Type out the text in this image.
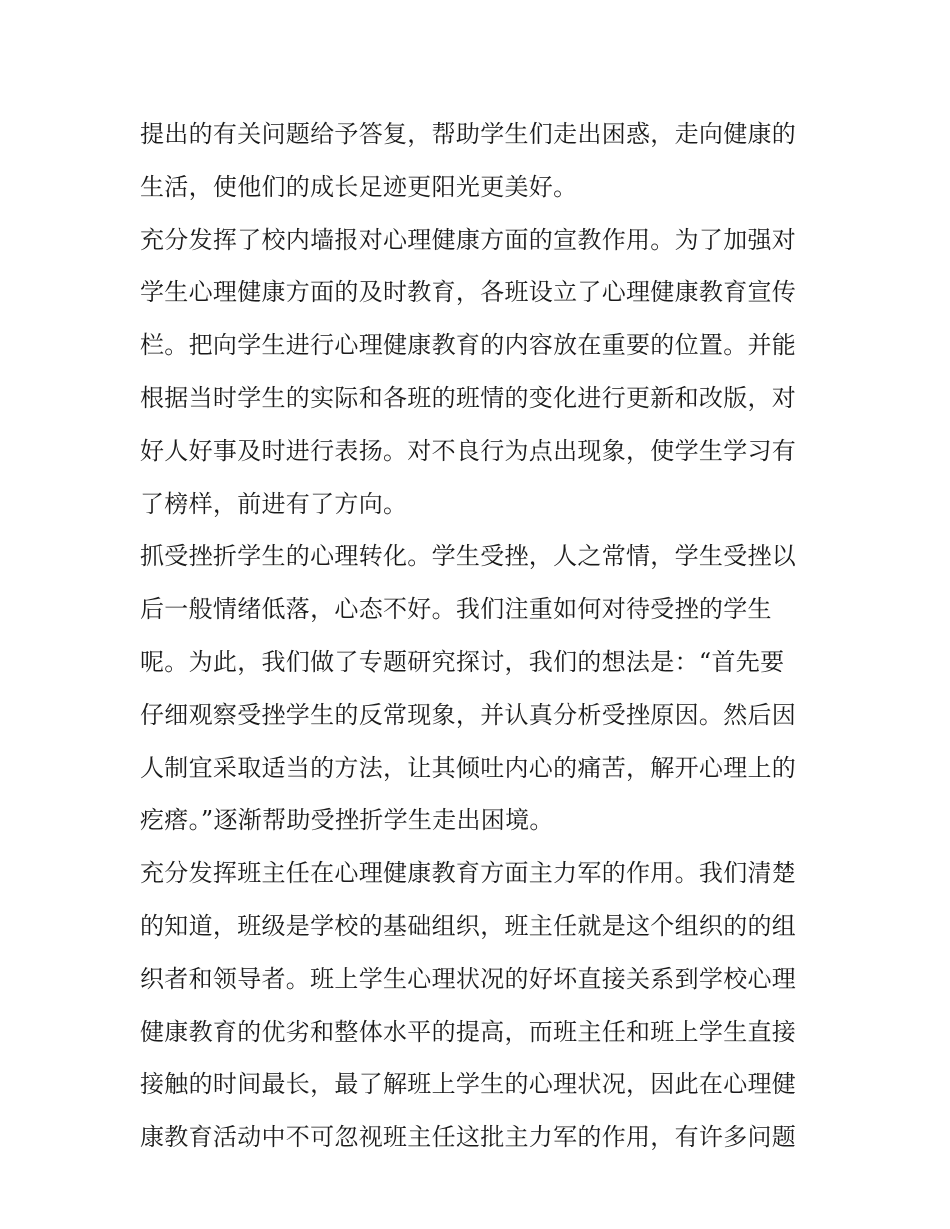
提出的有关问题给予答复，帮助学生们走出困惑，走向健康的
生活，使他们的成长足迹更阳光更美好。
充分发挥了校内墙报对心理健康方面的宣教作用。为了加强对
学生心理健康方面的及时教育，各班设立了心理健康教育宣传
栏。把向学生进行心理健康教育的内容放在重要的位置。并能
根据当时学生的实际和各班的班情的变化进行更新和改版，对
好人好事及时进行表扬。对不良行为点出现象，使学生学习有
了榜样，前进有了方向。
抓受挫折学生的心理转化。学生受挫，人之常情，学生受挫以
后一般情绪低落，心态不好。我们注重如何对待受挫的学生
呢。为此，我们做了专题研究探讨，我们的想法是：“首先要
仔细观察受挫学生的反常现象，并认真分析受挫原因。然后因
人制宜采取适当的方法，让其倾吐内心的痛苦，解开心理上的
疙瘩。”逐渐帮助受挫折学生走出困境。
充分发挥班主任在心理健康教育方面主力军的作用。我们清楚
的知道，班级是学校的基础组织，班主任就是这个组织的的组
织者和领导者。班上学生心理状况的好坏直接关系到学校心理
健康教育的优劣和整体水平的提高，而班主任和班上学生直接
接触的时间最长，最了解班上学生的心理状况，因此在心理健
康教育活动中不可忽视班主任这批主力军的作用，有许多问题
